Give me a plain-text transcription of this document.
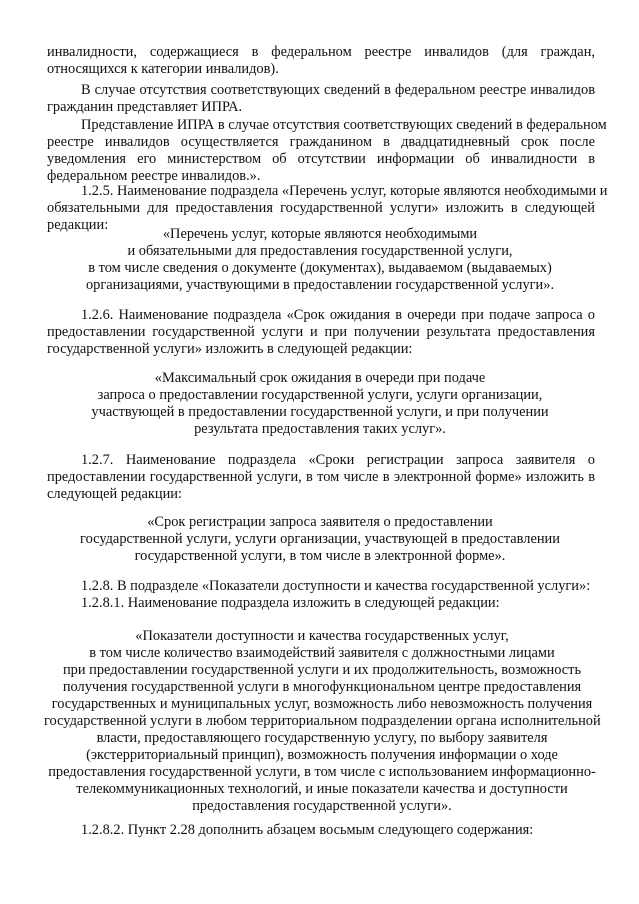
инвалидности, содержащиеся в федеральном реестре инвалидов (для граждан,
относящихся к категории инвалидов).
В случае отсутствия соответствующих сведений в федеральном реестре инвалидов
гражданин представляет ИПРА.
Представление ИПРА в случае отсутствия соответствующих сведений в федеральном
реестре инвалидов осуществляется гражданином в двадцатидневный срок после
уведомления его министерством об отсутствии информации об инвалидности в
федеральном реестре инвалидов.».
1.2.5. Наименование подраздела «Перечень услуг, которые являются необходимыми и
обязательными для предоставления государственной услуги» изложить в следующей
редакции:
«Перечень услуг, которые являются необходимыми
и обязательными для предоставления государственной услуги,
в том числе сведения о документе (документах), выдаваемом (выдаваемых)
организациями, участвующими в предоставлении государственной услуги».
1.2.6. Наименование подраздела «Срок ожидания в очереди при подаче запроса о
предоставлении государственной услуги и при получении результата предоставления
государственной услуги» изложить в следующей редакции:
«Максимальный срок ожидания в очереди при подаче
запроса о предоставлении государственной услуги, услуги организации,
участвующей в предоставлении государственной услуги, и при получении
результата предоставления таких услуг».
1.2.7. Наименование подраздела «Сроки регистрации запроса заявителя о
предоставлении государственной услуги, в том числе в электронной форме» изложить в
следующей редакции:
«Срок регистрации запроса заявителя о предоставлении
государственной услуги, услуги организации, участвующей в предоставлении
государственной услуги, в том числе в электронной форме».
1.2.8. В подразделе «Показатели доступности и качества государственной услуги»:
1.2.8.1. Наименование подраздела изложить в следующей редакции:
«Показатели доступности и качества государственных услуг,
в том числе количество взаимодействий заявителя с должностными лицами
при предоставлении государственной услуги и их продолжительность, возможность
получения государственной услуги в многофункциональном центре предоставления
государственных и муниципальных услуг, возможность либо невозможность получения
государственной услуги в любом территориальном подразделении органа исполнительной
власти, предоставляющего государственную услугу, по выбору заявителя
(экстерриториальный принцип), возможность получения информации о ходе
предоставления государственной услуги, в том числе с использованием информационно-
телекоммуникационных технологий, и иные показатели качества и доступности
предоставления государственной услуги».
1.2.8.2. Пункт 2.28 дополнить абзацем восьмым следующего содержания:
